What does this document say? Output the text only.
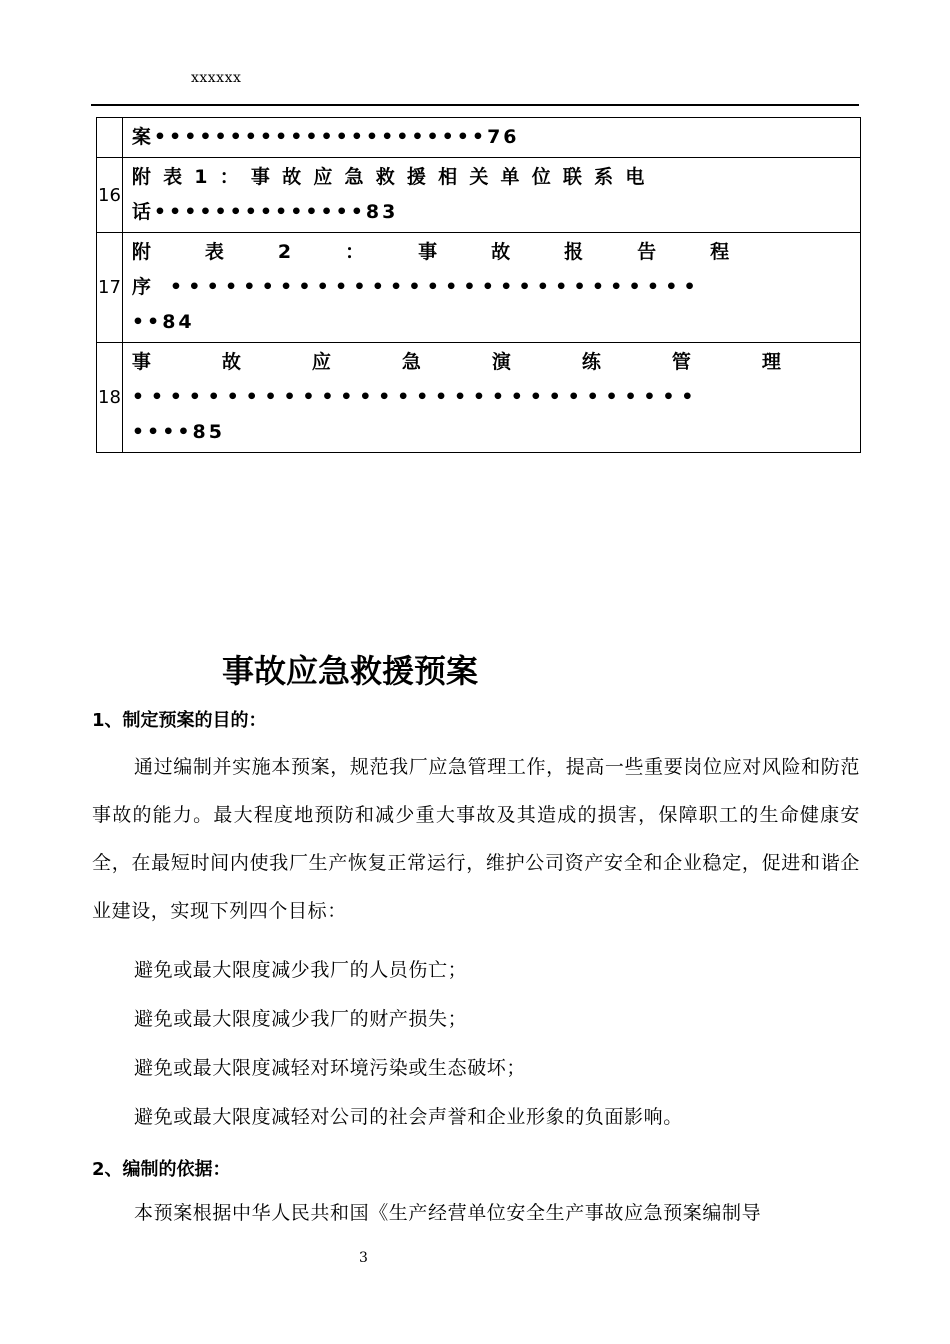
xxxxxx

	案••••••••••••••••••••••76

16	附表1：事故应急救援相关单位联系电
话••••••••••••••83

17	附表2：事故报告程
序 •••••••••••••••••••••••••••••
••84

18	事故应急演练管理
••••••••••••••••••••••••••••••
••••85
事故应急救援预案
1、制定预案的目的：
通过编制并实施本预案，规范我厂应急管理工作，提高一些重要岗位应对风险和防范事故的能力。最大程度地预防和减少重大事故及其造成的损害，保障职工的生命健康安全，在最短时间内使我厂生产恢复正常运行，维护公司资产安全和企业稳定，促进和谐企业建设，实现下列四个目标：
避免或最大限度减少我厂的人员伤亡；
避免或最大限度减少我厂的财产损失；
避免或最大限度减轻对环境污染或生态破坏；
避免或最大限度减轻对公司的社会声誉和企业形象的负面影响。
2、编制的依据：
本预案根据中华人民共和国《生产经营单位安全生产事故应急预案编制导
3
